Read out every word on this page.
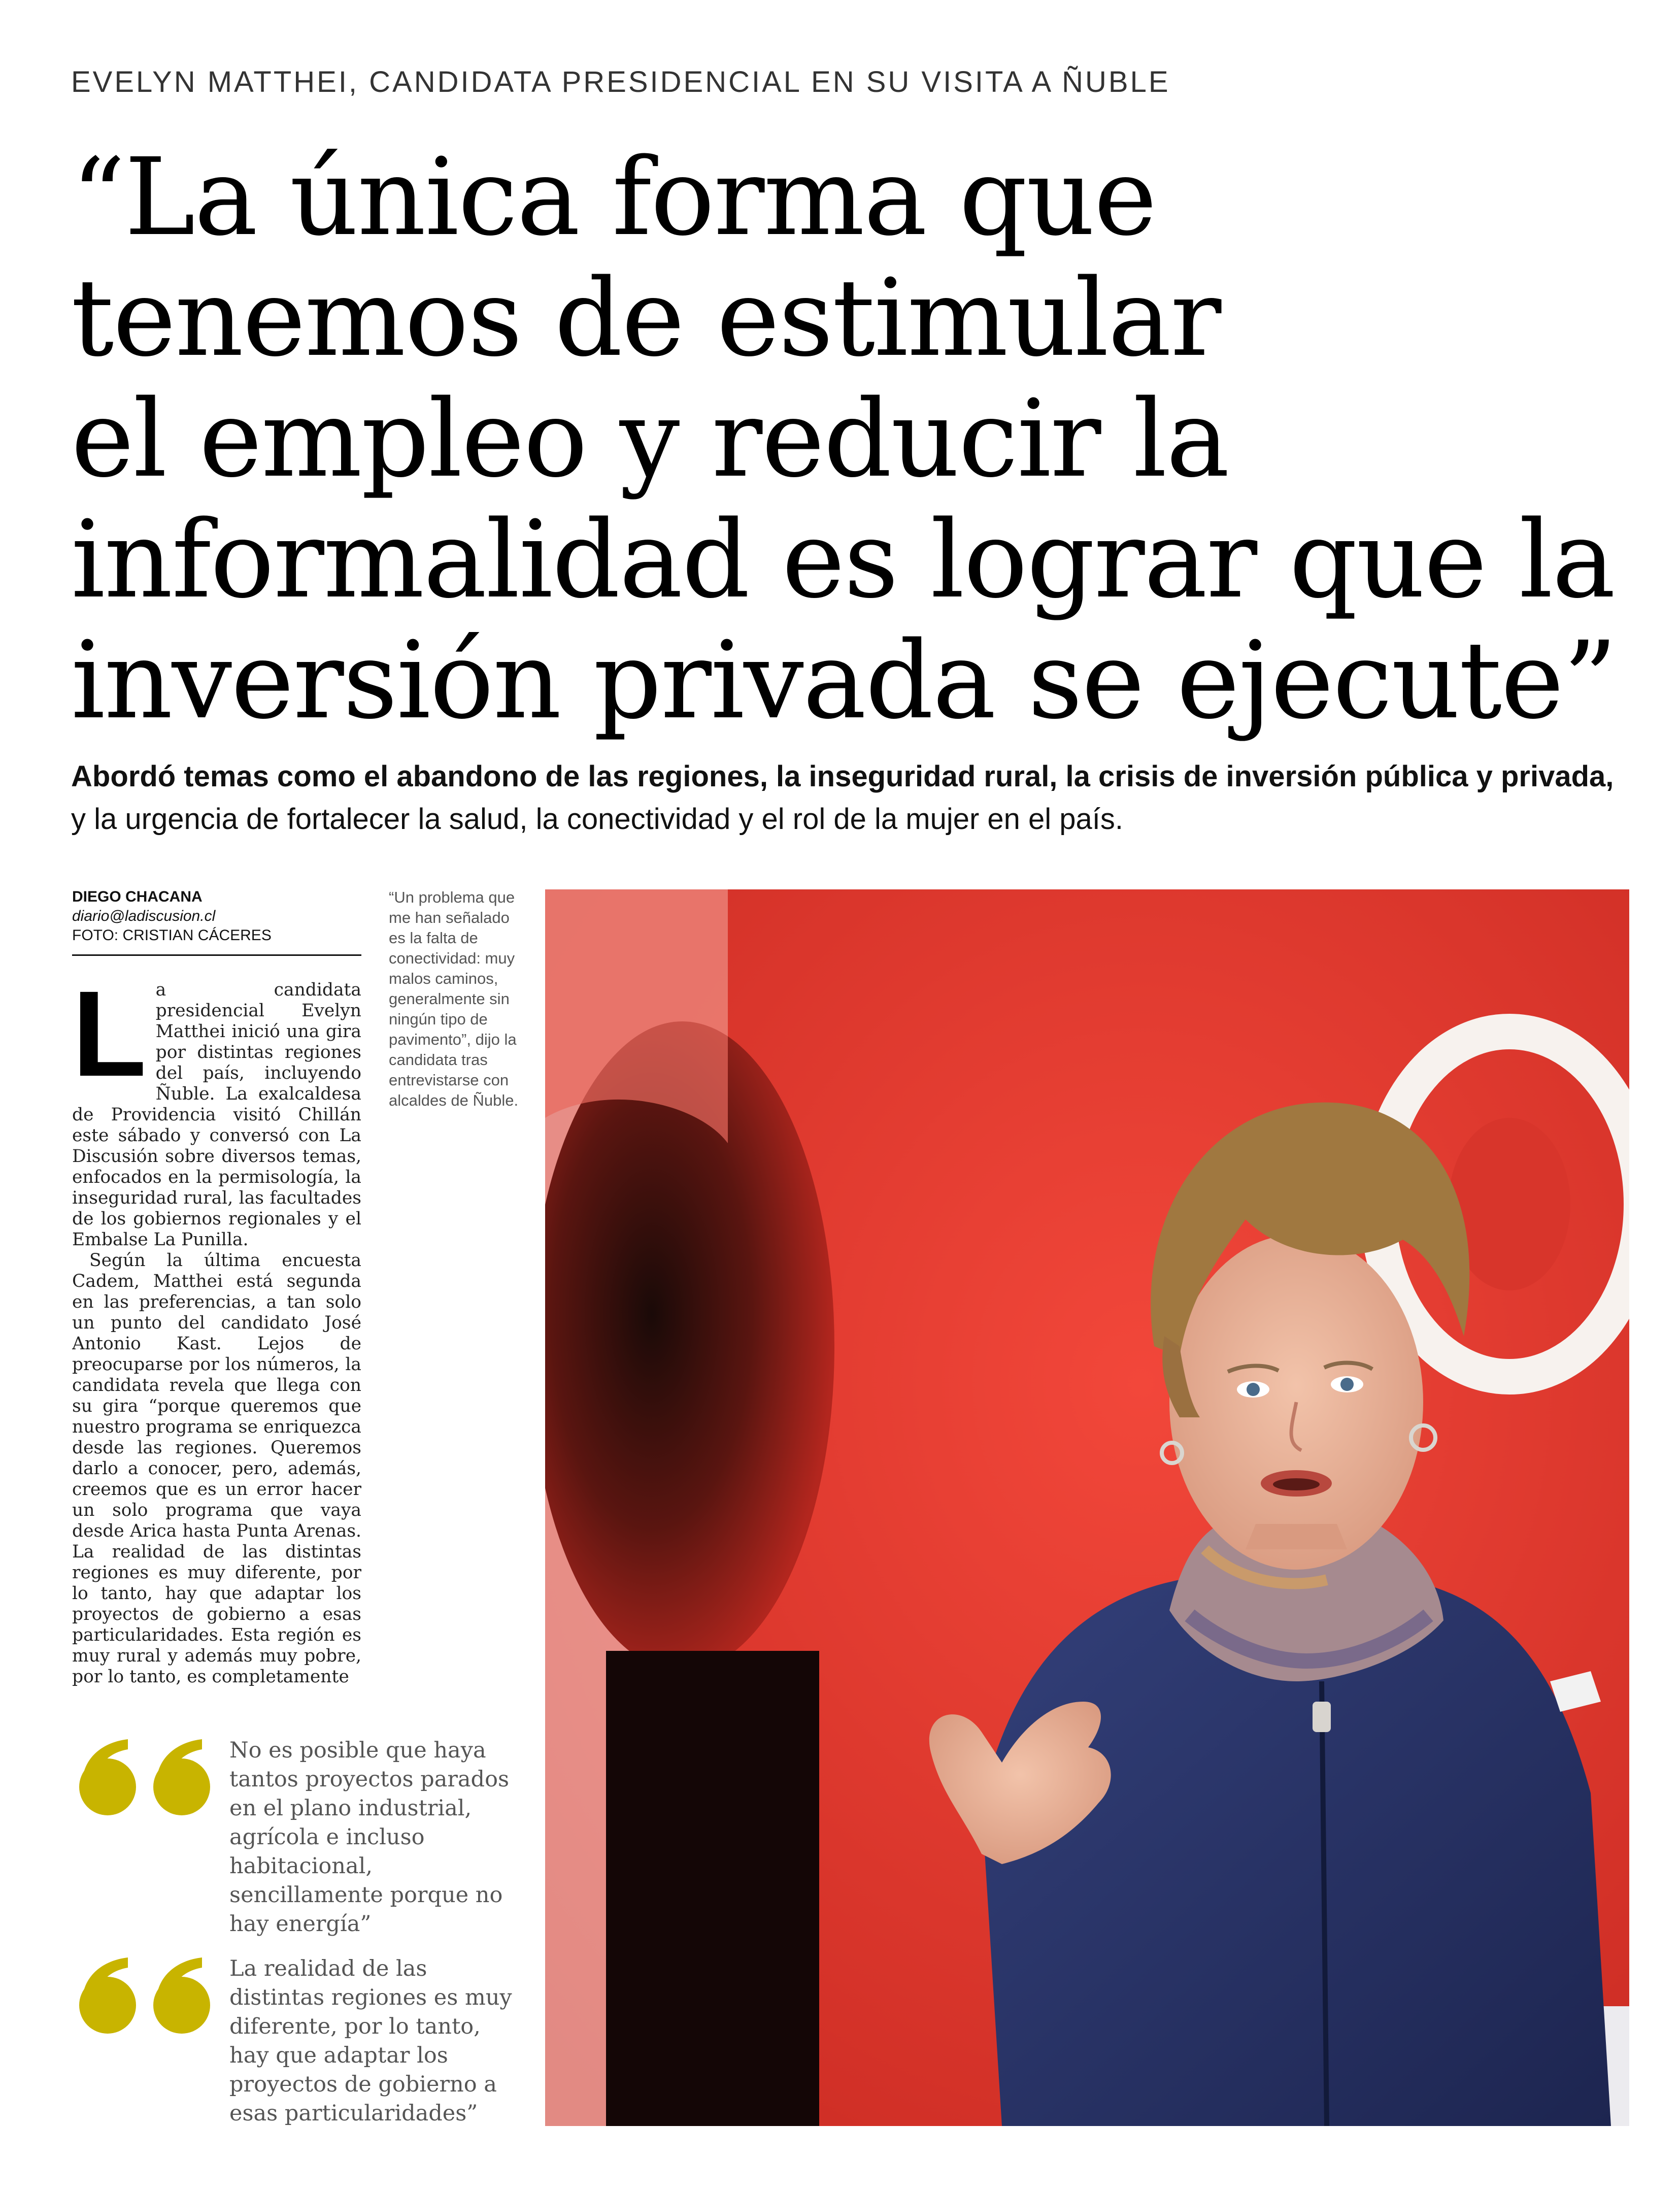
EVELYN MATTHEI, CANDIDATA PRESIDENCIAL EN SU VISITA A ÑUBLE
“La única forma que
tenemos de estimular
el empleo y reducir la
informalidad es lograr que la
inversión privada se ejecute”
Abordó temas como el abandono de las regiones, la inseguridad rural, la crisis de inversión pública y privada, y la urgencia de fortalecer la salud, la conectividad y el rol de la mujer en el país.
DIEGO CHACANA
diario@ladiscusion.cl
FOTO: CRISTIAN CÁCERES
“Un problema que me han señalado es la falta de conectividad: muy malos caminos, generalmente sin ningún tipo de pavimento”, dijo la candidata tras entrevistarse con alcaldes de Ñuble.

La candidata presidencial Evelyn Matthei inició una gira por distintas regiones del país, incluyendo Ñuble. La exalcaldesa de Providencia visitó Chillán este sábado y conversó con La Discusión sobre diversos temas, enfocados en la permisología, la inseguridad rural, las facultades de los gobiernos regionales y el Embalse La Punilla.

Según la última encuesta Cadem, Matthei está segunda en las preferencias, a tan solo un punto del candidato José Antonio Kast. Lejos de preocuparse por los números, la candidata revela que llega con su gira “porque queremos que nuestro programa se enriquezca desde las regiones. Queremos darlo a conocer, pero, además, creemos que es un error hacer un solo programa que vaya desde Arica hasta Punta Arenas. La realidad de las distintas regiones es muy diferente, por lo tanto, hay que adaptar los proyectos de gobierno a esas particularidades. Esta región es muy rural y además muy pobre, por lo tanto, es completamente

No es posible que haya tantos proyectos parados en el plano industrial, agrícola e incluso habitacional, sencillamente porque no hay energía”
La realidad de las distintas regiones es muy diferente, por lo tanto, hay que adaptar los proyectos de gobierno a esas particularidades”
